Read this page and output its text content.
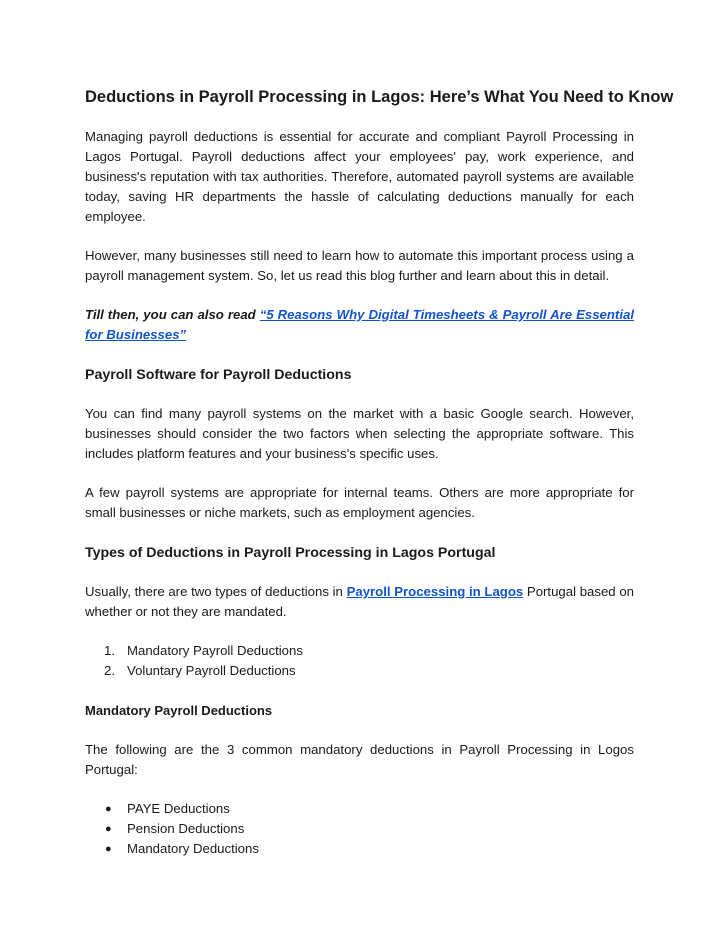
Deductions in Payroll Processing in Lagos: Here’s What You Need to Know

Managing payroll deductions is essential for accurate and compliant Payroll Processing in Lagos Portugal. Payroll deductions affect your employees' pay, work experience, and business's reputation with tax authorities. Therefore, automated payroll systems are available today, saving HR departments the hassle of calculating deductions manually for each employee.

However, many businesses still need to learn how to automate this important process using a payroll management system. So, let us read this blog further and learn about this in detail.

Till then, you can also read “5 Reasons Why Digital Timesheets & Payroll Are Essential for Businesses”

Payroll Software for Payroll Deductions

You can find many payroll systems on the market with a basic Google search. However, businesses should consider the two factors when selecting the appropriate software. This includes platform features and your business's specific uses.

A few payroll systems are appropriate for internal teams. Others are more appropriate for small businesses or niche markets, such as employment agencies.

Types of Deductions in Payroll Processing in Lagos Portugal

Usually, there are two types of deductions in Payroll Processing in Lagos Portugal based on whether or not they are mandated.

1. Mandatory Payroll Deductions
2. Voluntary Payroll Deductions
Mandatory Payroll Deductions

The following are the 3 common mandatory deductions in Payroll Processing in Logos Portugal:

● PAYE Deductions
● Pension Deductions
● Mandatory Deductions
